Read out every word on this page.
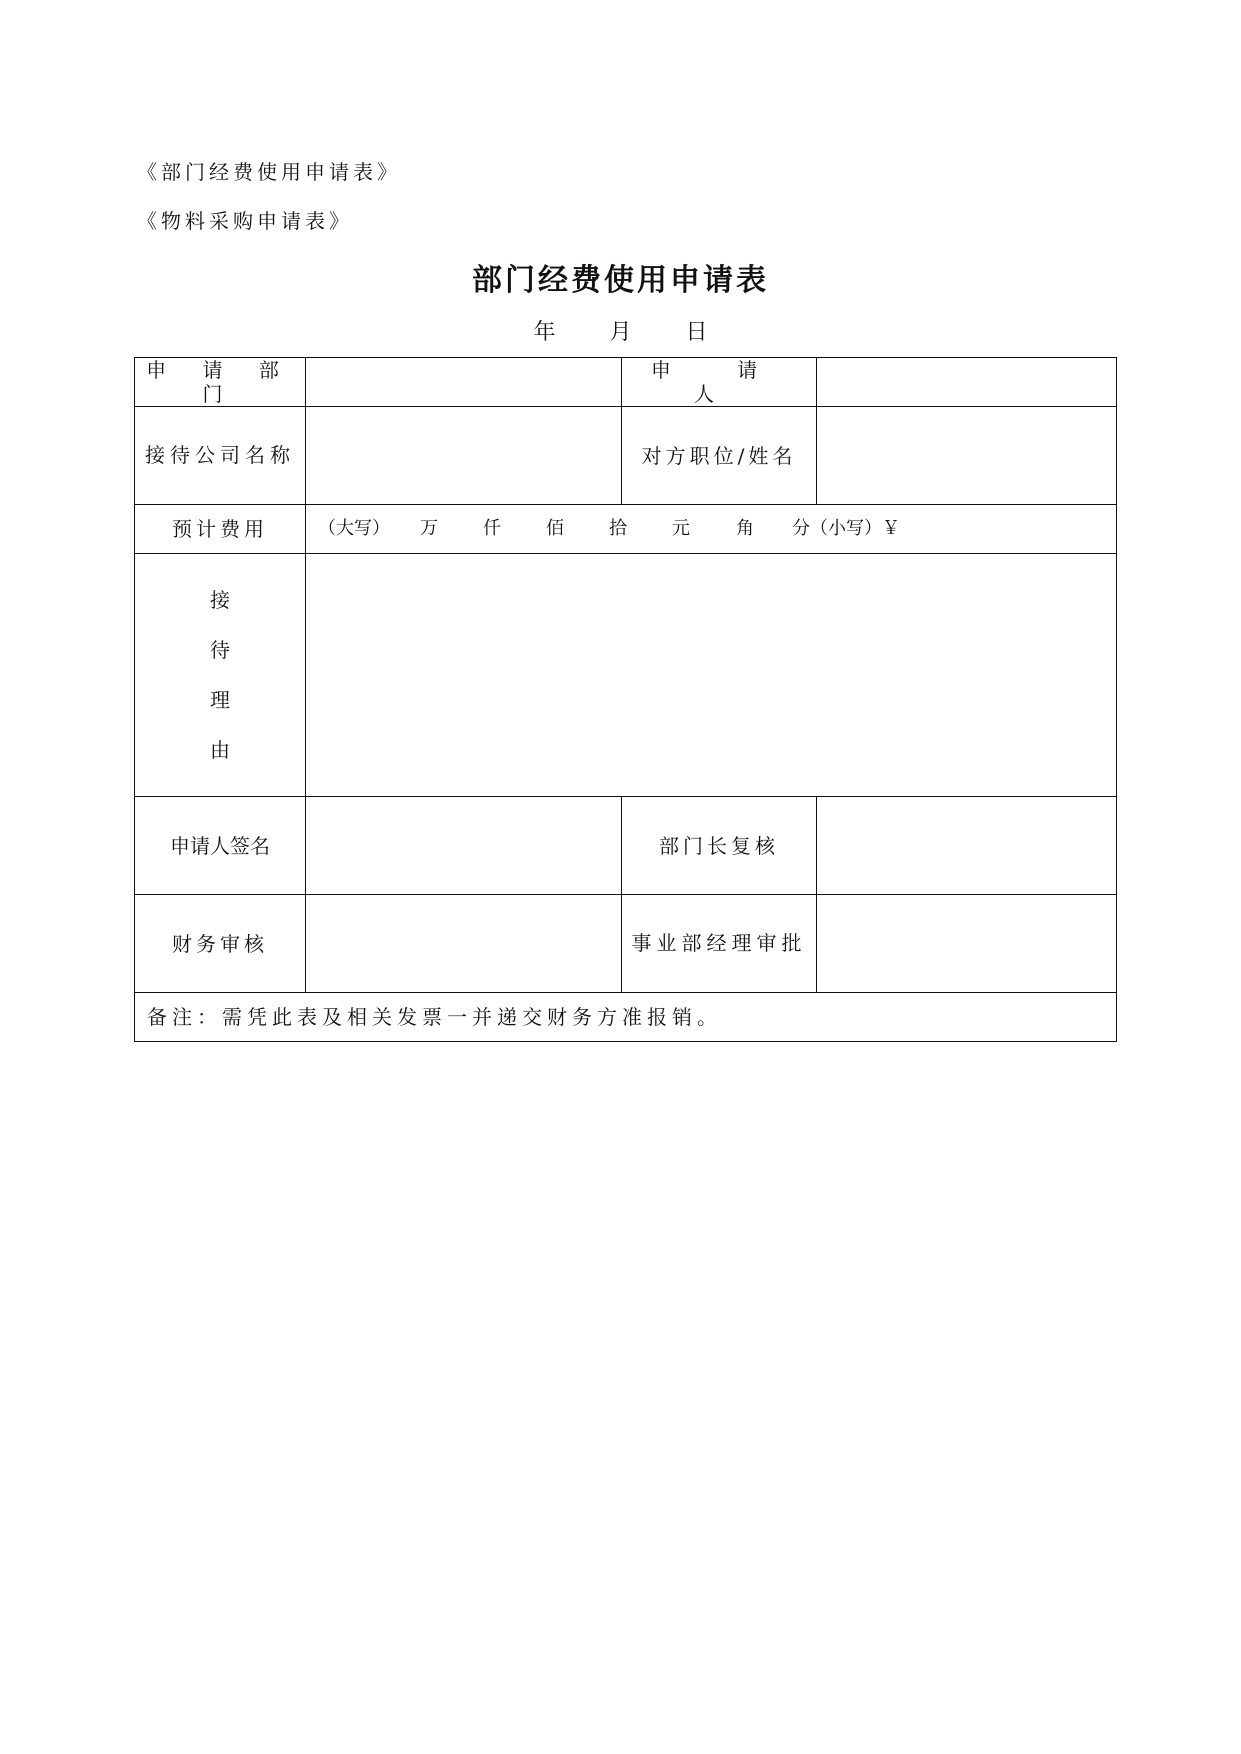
《部门经费使用申请表》
《物料采购申请表》
部门经费使用申请表
年 月 日
申 请 部 门		申 请 人	
接待公司名称		对方职位/姓名	
预计费用	（大写） 万 仟 佰 拾 元 角 分（小写）￥		

接
待
理
由			

申请人签名		部门长复核	
财务审核		事业部经理审批	
备注：需凭此表及相关发票一并递交财务方准报销。			
